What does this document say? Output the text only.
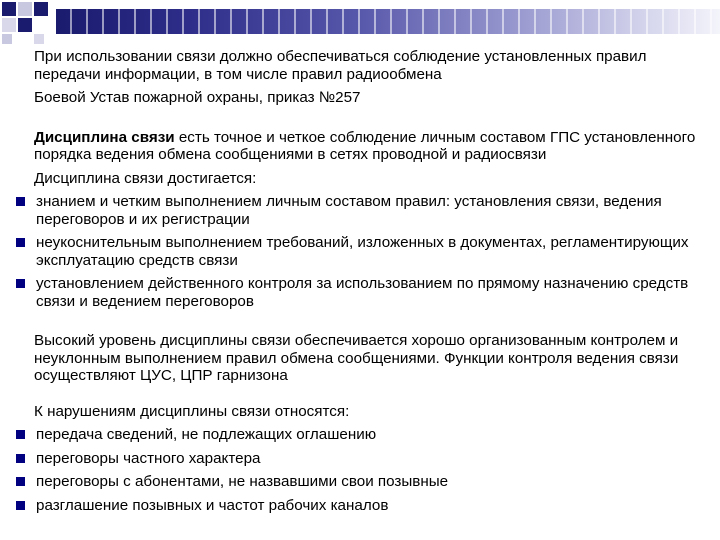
При использовании связи должно обеспечиваться соблюдение установленных правил передачи информации, в том числе правил радиообмена

Боевой Устав пожарной охраны, приказ №257

Дисциплина связи есть точное и четкое соблюдение личным составом ГПС установленного порядка ведения обмена сообщениями в сетях проводной и радиосвязи

Дисциплина связи достигается:

знанием и четким выполнением личным составом правил: установления связи, ведения переговоров и их регистрации
неукоснительным выполнением требований, изложенных в документах, регламентирующих эксплуатацию средств связи
установлением действенного контроля за использованием по прямому назначению средств связи и ведением переговоров

Высокий уровень дисциплины связи обеспечивается хорошо организованным контролем и неуклонным выполнением правил обмена сообщениями. Функции контроля ведения связи осуществляют ЦУС, ЦПР гарнизона

К нарушениям дисциплины связи относятся:

передача сведений, не подлежащих оглашению
переговоры частного характера
переговоры с абонентами, не назвавшими свои позывные
разглашение позывных и частот рабочих каналов
